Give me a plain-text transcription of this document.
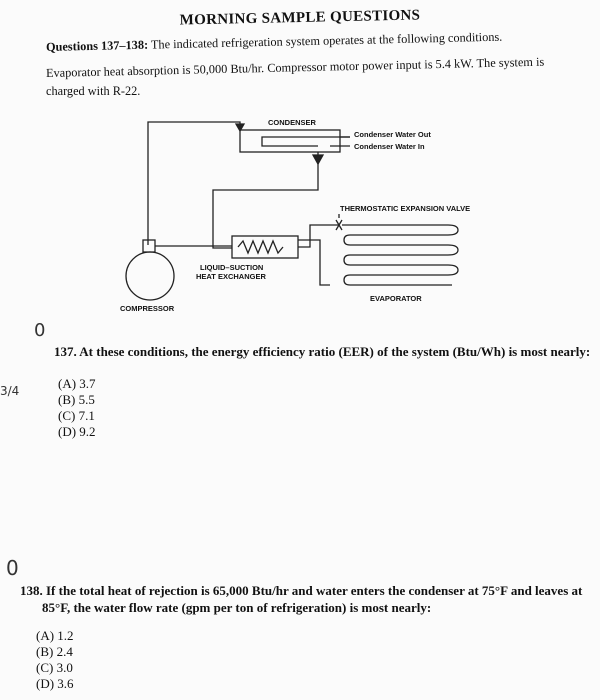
MORNING SAMPLE QUESTIONS
Questions 137–138: The indicated refrigeration system operates at the following conditions.
Evaporator heat absorption is 50,000 Btu/hr. Compressor motor power input is 5.4 kW. The system is
charged with R-22.
CONDENSER
Condenser Water Out
Condenser Water In
THERMOSTATIC EXPANSION VALVE
LIQUID–SUCTION
HEAT EXCHANGER
EVAPORATOR
COMPRESSOR
0
3/4
0
137. At these conditions, the energy efficiency ratio (EER) of the system (Btu/Wh) is most nearly:
(A) 3.7
(B) 5.5
(C) 7.1
(D) 9.2
138. If the total heat of rejection is 65,000 Btu/hr and water enters the condenser at 75°F and leaves at
85°F, the water flow rate (gpm per ton of refrigeration) is most nearly:
(A) 1.2
(B) 2.4
(C) 3.0
(D) 3.6
